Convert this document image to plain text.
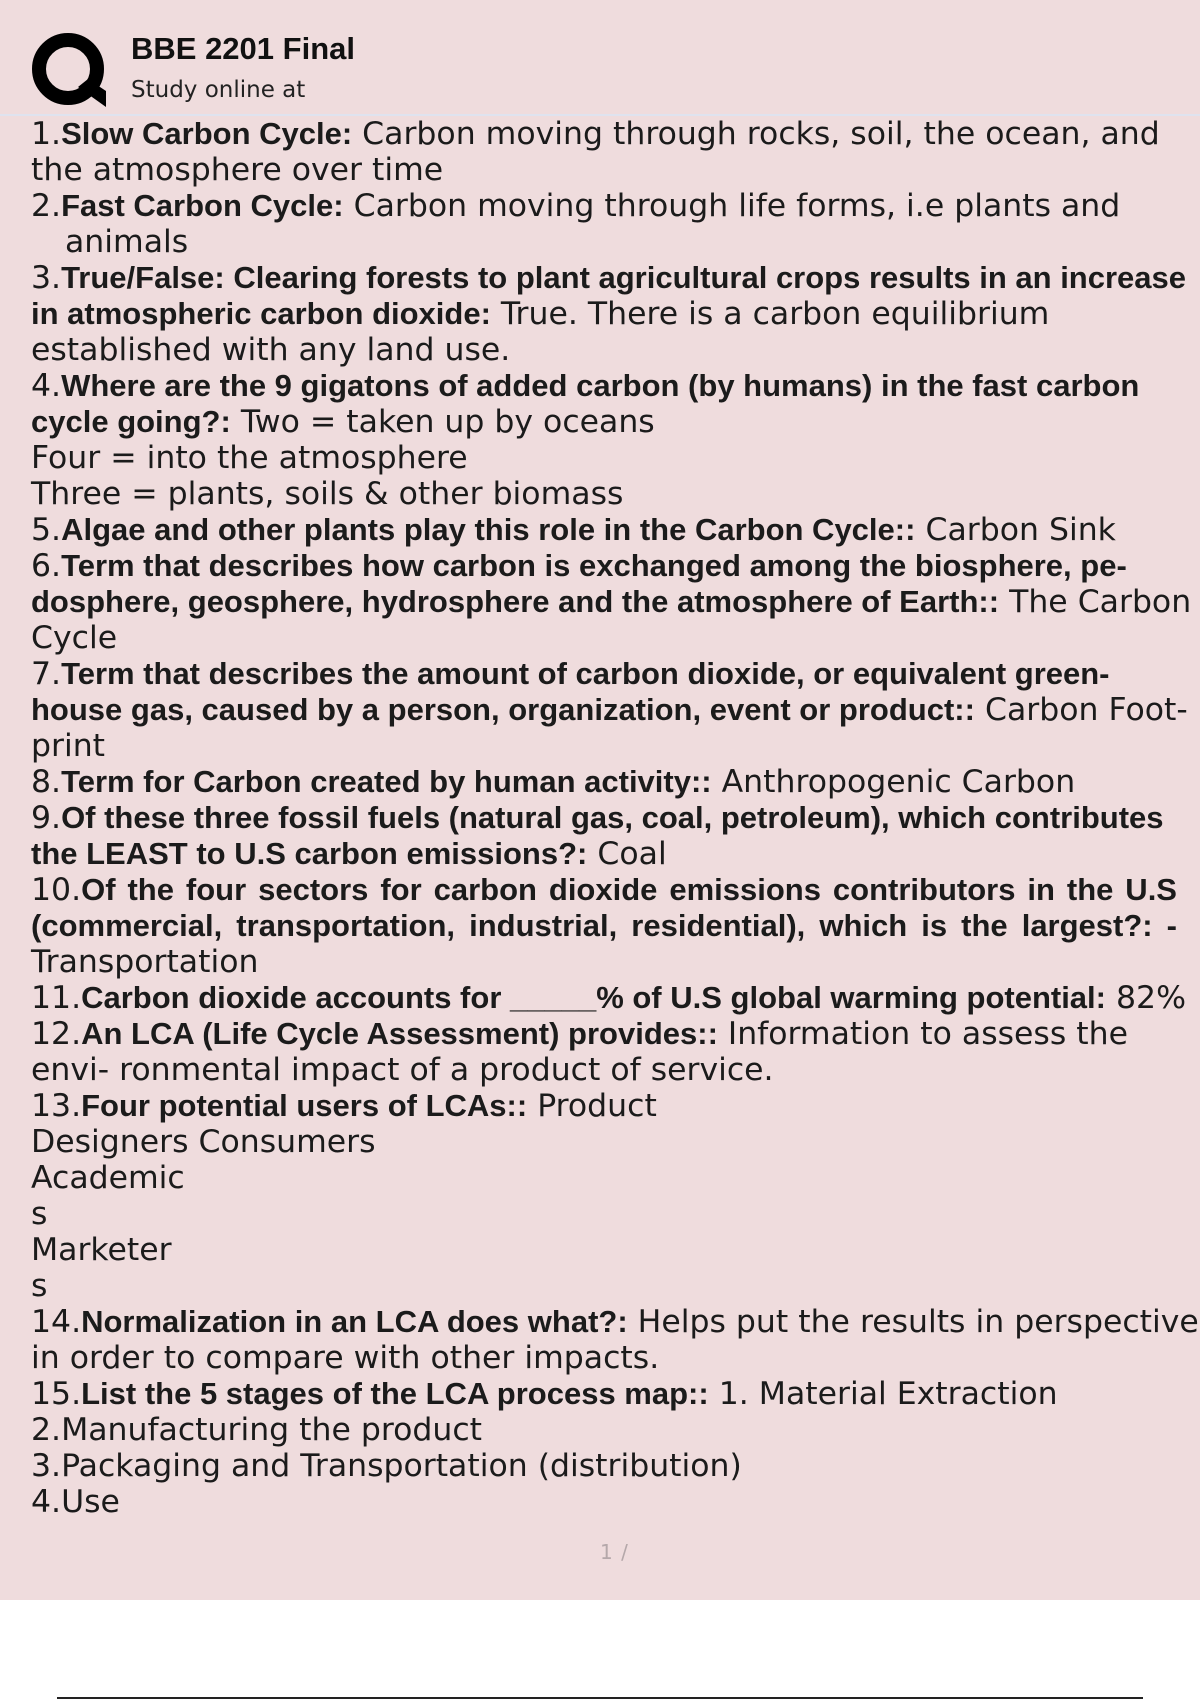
BBE 2201 Final
Study online at

1.Slow Carbon Cycle: Carbon moving through rocks, soil, the ocean, and the atmosphere over time

2.Fast Carbon Cycle: Carbon moving through life forms, i.e plants and animals

3.True/False: Clearing forests to plant agricultural crops results in an increase in atmospheric carbon dioxide: True. There is a carbon equilibrium established with any land use.

4.Where are the 9 gigatons of added carbon (by humans) in the fast carbon cycle going?: Two = taken up by oceans

Four = into the atmosphere

Three = plants, soils & other biomass

5.Algae and other plants play this role in the Carbon Cycle:: Carbon Sink

6.Term that describes how carbon is exchanged among the biosphere, pe- dosphere, geosphere, hydrosphere and the atmosphere of Earth:: The Carbon Cycle

7.Term that describes the amount of carbon dioxide, or equivalent green- house gas, caused by a person, organization, event or product:: Carbon Foot- print

8.Term for Carbon created by human activity:: Anthropogenic Carbon

9.Of these three fossil fuels (natural gas, coal, petroleum), which contributes the LEAST to U.S carbon emissions?: Coal

10.Of the four sectors for carbon dioxide emissions contributors in the U.S (commercial, transportation, industrial, residential), which is the largest?: - Transportation

11.Carbon dioxide accounts for _____% of U.S global warming potential: 82%

12.An LCA (Life Cycle Assessment) provides:: Information to assess the envi- ronmental impact of a product of service.

13.Four potential users of LCAs:: Product

Designers Consumers

Academic

s

Marketer

s

14.Normalization in an LCA does what?: Helps put the results in perspective in order to compare with other impacts.

15.List the 5 stages of the LCA process map:: 1. Material Extraction

2.Manufacturing the product

3.Packaging and Transportation (distribution)

4.Use

1 /
